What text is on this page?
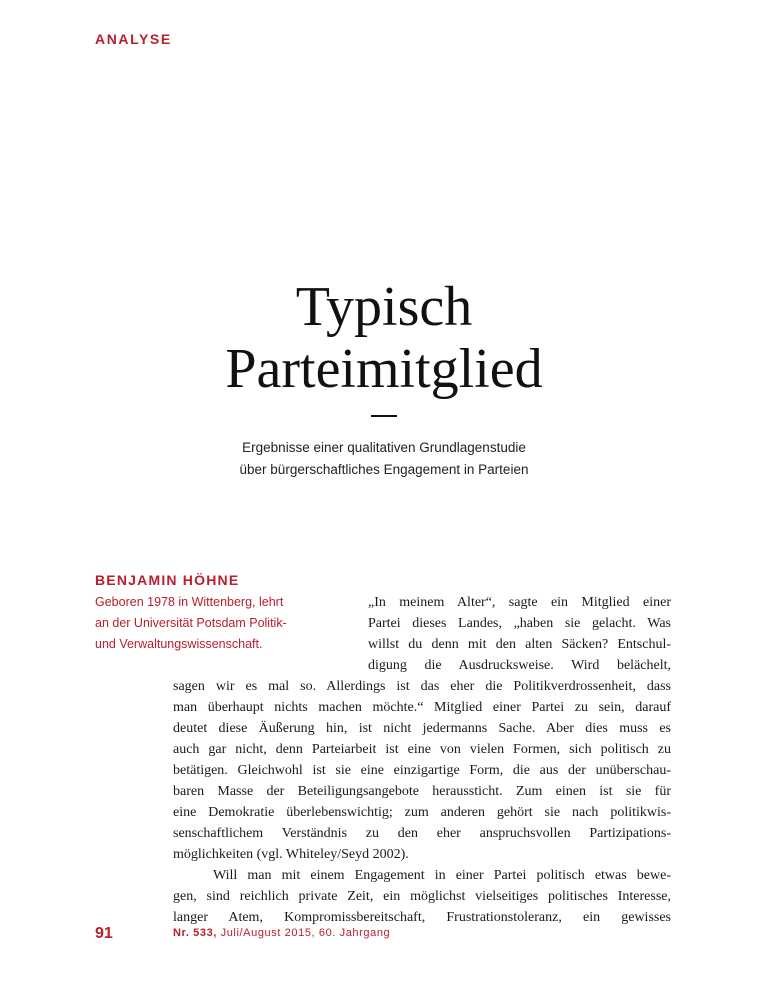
ANALYSE
Typisch
Parteimitglied
Ergebnisse einer qualitativen Grundlagenstudie
über bürgerschaftliches Engagement in Parteien
BENJAMIN HÖHNE
Geboren 1978 in Wittenberg, lehrt
an der Universität Potsdam Politik-
und Verwaltungswissenschaft.
„In meinem Alter“, sagte ein Mitglied einer
Partei dieses Landes, „haben sie gelacht. Was
willst du denn mit den alten Säcken? Entschul-
digung die Ausdrucksweise. Wird belächelt,
sagen wir es mal so. Allerdings ist das eher die Politikverdrossenheit, dass
man überhaupt nichts machen möchte.“ Mitglied einer Partei zu sein, darauf
deutet diese Äußerung hin, ist nicht jedermanns Sache. Aber dies muss es
auch gar nicht, denn Parteiarbeit ist eine von vielen Formen, sich politisch zu
betätigen. Gleichwohl ist sie eine einzigartige Form, die aus der unüberschau-
baren Masse der Beteiligungsangebote heraussticht. Zum einen ist sie für
eine Demokratie überlebenswichtig; zum anderen gehört sie nach politikwis-
senschaftlichem Verständnis zu den eher anspruchsvollen Partizipations-
möglichkeiten (vgl. Whiteley/Seyd 2002).
Will man mit einem Engagement in einer Partei politisch etwas bewe-
gen, sind reichlich private Zeit, ein möglichst vielseitiges politisches Interesse,
langer Atem, Kompromissbereitschaft, Frustrationstoleranz, ein gewisses
91	Nr. 533, Juli/August 2015, 60. Jahrgang
